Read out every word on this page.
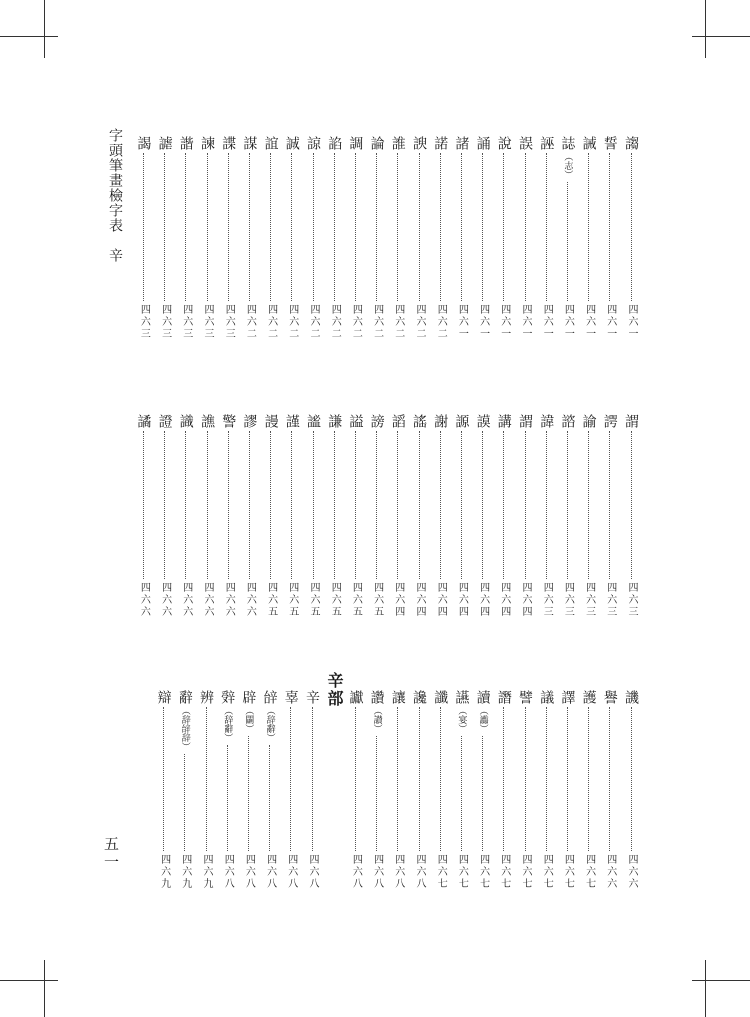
字頭筆畫檢字表　辛
五一
謅
四六一
誓
四六一
誡
四六一
誌
（志）
四六一
誣
四六一
誤
四六一
說
四六一
誦
四六一
諸
四六一
諾
四六二
諛
四六二
誰
四六二
論
四六二
調
四六二
諂
四六二
諒
四六二
誠
四六二
誼
四六二
謀
四六二
諜
四六三
諫
四六三
諧
四六三
謔
四六三
謁
四六三
謂
四六三
諤
四六三
諭
四六三
諮
四六三
諱
四六三
謂
四六四
講
四六四
謨
四六四
謜
四六四
謝
四六四
謠
四六四
謟
四六四
謗
四六五
謚
四六五
謙
四六五
謐
四六五
謹
四六五
謾
四六五
謬
四六六
警
四六六
譙
四六六
識
四六六
證
四六六
譎
四六六
譏
四六六
譽
四六六
護
四六七
譯
四六七
議
四六七
譬
四六七
譖
四六七
讀
（讟）
四六七
讌
（宴）
四六七
讖
四六七
讒
四六八
讓
四六八
讚
（讃）
四六八
讞
四六八
辛
四六八
辜
四六八
辝
（辞辭）
四六八
辟
（闢）
四六八
辤
（辞辭）
四六八
辨
四六九
辭
（辞辝辞）
四六九
辯
四六九
辛部
